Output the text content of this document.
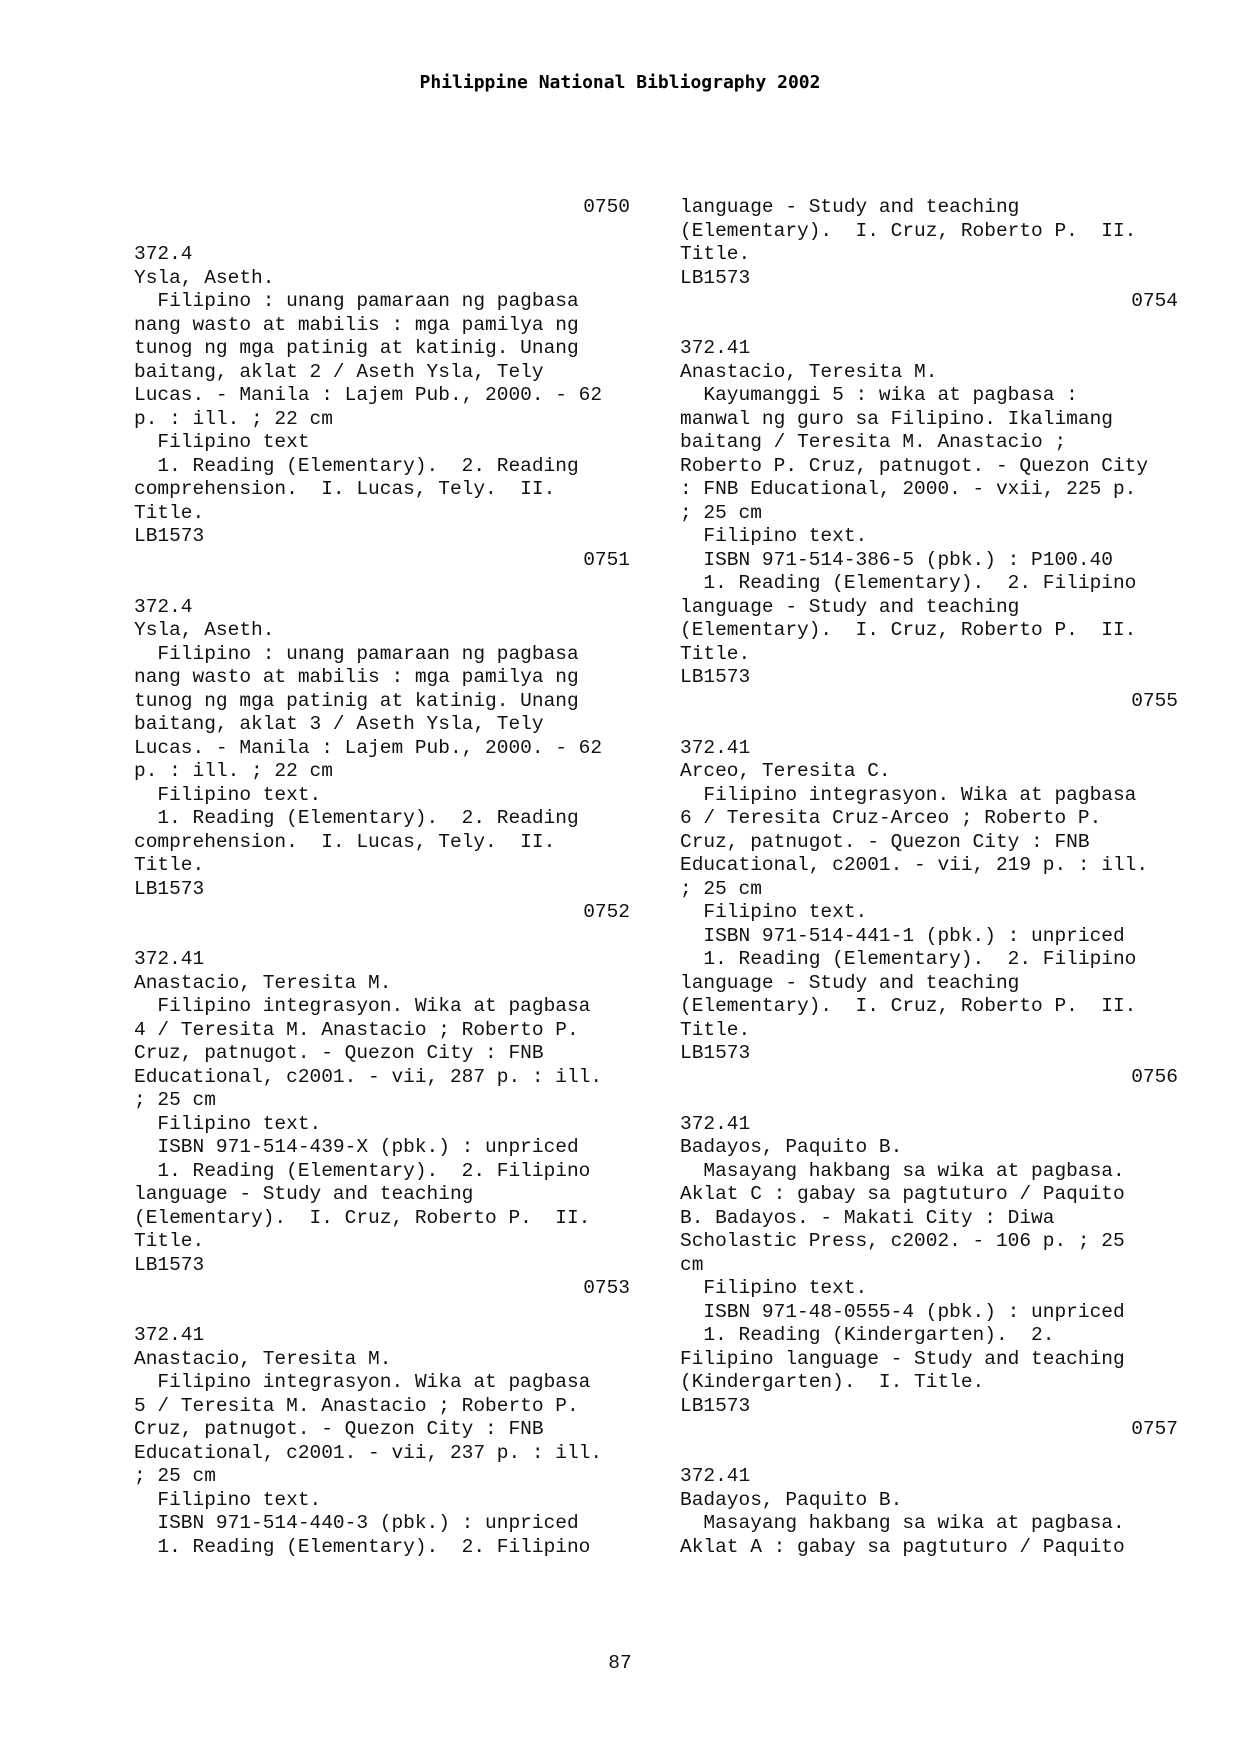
Philippine National Bibliography 2002
0750
372.4
Ysla, Aseth.
Filipino : unang pamaraan ng pagbasa
nang wasto at mabilis : mga pamilya ng
tunog ng mga patinig at katinig. Unang
baitang, aklat 2 / Aseth Ysla, Tely
Lucas. - Manila : Lajem Pub., 2000. - 62
p. : ill. ; 22 cm
Filipino text
1. Reading (Elementary).  2. Reading
comprehension.  I. Lucas, Tely.  II.
Title.
LB1573
0751
372.4
Ysla, Aseth.
Filipino : unang pamaraan ng pagbasa
nang wasto at mabilis : mga pamilya ng
tunog ng mga patinig at katinig. Unang
baitang, aklat 3 / Aseth Ysla, Tely
Lucas. - Manila : Lajem Pub., 2000. - 62
p. : ill. ; 22 cm
Filipino text.
1. Reading (Elementary).  2. Reading
comprehension.  I. Lucas, Tely.  II.
Title.
LB1573
0752
372.41
Anastacio, Teresita M.
Filipino integrasyon. Wika at pagbasa
4 / Teresita M. Anastacio ; Roberto P.
Cruz, patnugot. - Quezon City : FNB
Educational, c2001. - vii, 287 p. : ill.
; 25 cm
Filipino text.
ISBN 971-514-439-X (pbk.) : unpriced
1. Reading (Elementary).  2. Filipino
language - Study and teaching
(Elementary).  I. Cruz, Roberto P.  II.
Title.
LB1573
0753
372.41
Anastacio, Teresita M.
Filipino integrasyon. Wika at pagbasa
5 / Teresita M. Anastacio ; Roberto P.
Cruz, patnugot. - Quezon City : FNB
Educational, c2001. - vii, 237 p. : ill.
; 25 cm
Filipino text.
ISBN 971-514-440-3 (pbk.) : unpriced
1. Reading (Elementary).  2. Filipino
language - Study and teaching
(Elementary).  I. Cruz, Roberto P.  II.
Title.
LB1573
0754
372.41
Anastacio, Teresita M.
Kayumanggi 5 : wika at pagbasa :
manwal ng guro sa Filipino. Ikalimang
baitang / Teresita M. Anastacio ;
Roberto P. Cruz, patnugot. - Quezon City
: FNB Educational, 2000. - vxii, 225 p.
; 25 cm
Filipino text.
ISBN 971-514-386-5 (pbk.) : P100.40
1. Reading (Elementary).  2. Filipino
language - Study and teaching
(Elementary).  I. Cruz, Roberto P.  II.
Title.
LB1573
0755
372.41
Arceo, Teresita C.
Filipino integrasyon. Wika at pagbasa
6 / Teresita Cruz-Arceo ; Roberto P.
Cruz, patnugot. - Quezon City : FNB
Educational, c2001. - vii, 219 p. : ill.
; 25 cm
Filipino text.
ISBN 971-514-441-1 (pbk.) : unpriced
1. Reading (Elementary).  2. Filipino
language - Study and teaching
(Elementary).  I. Cruz, Roberto P.  II.
Title.
LB1573
0756
372.41
Badayos, Paquito B.
Masayang hakbang sa wika at pagbasa.
Aklat C : gabay sa pagtuturo / Paquito
B. Badayos. - Makati City : Diwa
Scholastic Press, c2002. - 106 p. ; 25
cm
Filipino text.
ISBN 971-48-0555-4 (pbk.) : unpriced
1. Reading (Kindergarten).  2.
Filipino language - Study and teaching
(Kindergarten).  I. Title.
LB1573
0757
372.41
Badayos, Paquito B.
Masayang hakbang sa wika at pagbasa.
Aklat A : gabay sa pagtuturo / Paquito
87
